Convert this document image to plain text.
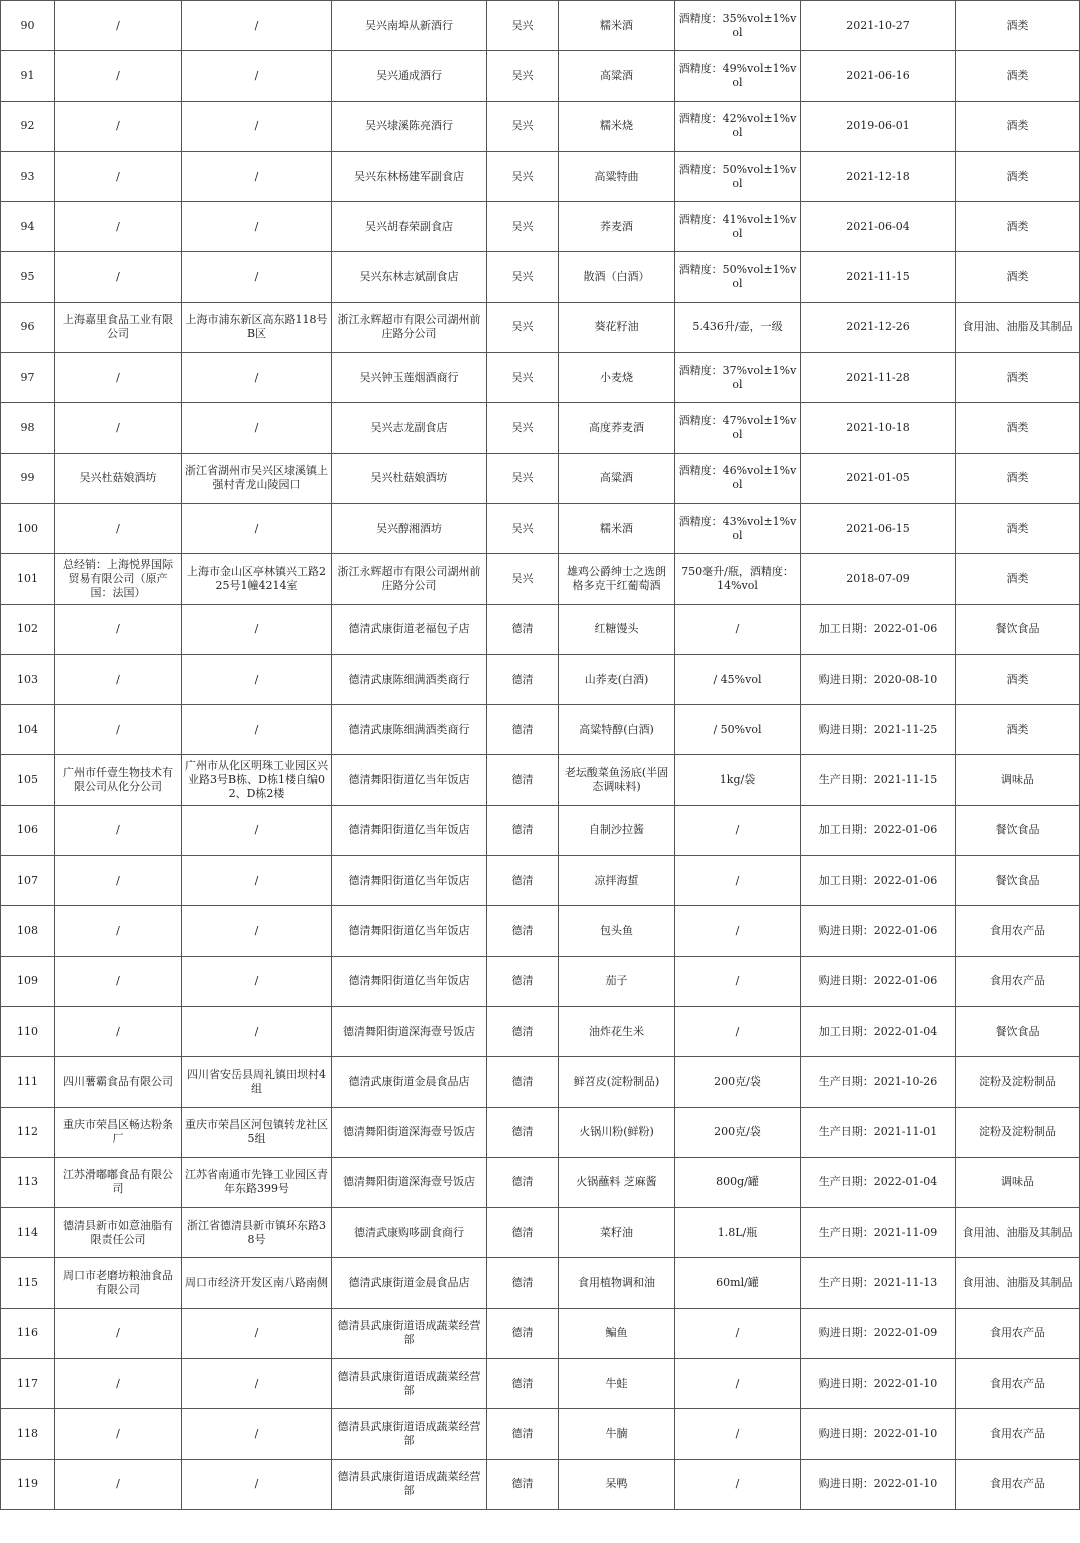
90	/	/	吴兴南埠从新酒行	吴兴	糯米酒	酒精度：35%vol±1%vol	2021-10-27	酒类
91	/	/	吴兴通成酒行	吴兴	高粱酒	酒精度：49%vol±1%vol	2021-06-16	酒类
92	/	/	吴兴埭溪陈亮酒行	吴兴	糯米烧	酒精度：42%vol±1%vol	2019-06-01	酒类
93	/	/	吴兴东林杨建军副食店	吴兴	高粱特曲	酒精度：50%vol±1%vol	2021-12-18	酒类
94	/	/	吴兴胡春荣副食店	吴兴	荞麦酒	酒精度：41%vol±1%vol	2021-06-04	酒类
95	/	/	吴兴东林志斌副食店	吴兴	散酒（白酒）	酒精度：50%vol±1%vol	2021-11-15	酒类
96	上海嘉里食品工业有限公司	上海市浦东新区高东路118号B区	浙江永辉超市有限公司湖州前庄路分公司	吴兴	葵花籽油	5.436升/壶，一级	2021-12-26	食用油、油脂及其制品
97	/	/	吴兴钟玉莲烟酒商行	吴兴	小麦烧	酒精度：37%vol±1%vol	2021-11-28	酒类
98	/	/	吴兴志龙副食店	吴兴	高度荞麦酒	酒精度：47%vol±1%vol	2021-10-18	酒类
99	吴兴杜菇娘酒坊	浙江省湖州市吴兴区埭溪镇上强村青龙山陵园口	吴兴杜菇娘酒坊	吴兴	高粱酒	酒精度：46%vol±1%vol	2021-01-05	酒类
100	/	/	吴兴醇湘酒坊	吴兴	糯米酒	酒精度：43%vol±1%vol	2021-06-15	酒类
101	总经销：上海悦界国际贸易有限公司（原产国：法国）	上海市金山区亭林镇兴工路225号1幢4214室	浙江永辉超市有限公司湖州前庄路分公司	吴兴	雄鸡公爵绅士之选朗格多克干红葡萄酒	750毫升/瓶，酒精度：14%vol	2018-07-09	酒类
102	/	/	德清武康街道老福包子店	德清	红糖馒头	/	加工日期：2022-01-06	餐饮食品
103	/	/	德清武康陈细满酒类商行	德清	山荞麦(白酒)	/ 45%vol	购进日期：2020-08-10	酒类
104	/	/	德清武康陈细满酒类商行	德清	高粱特醇(白酒)	/ 50%vol	购进日期：2021-11-25	酒类
105	广州市仟壹生物技术有限公司从化分公司	广州市从化区明珠工业园区兴业路3号B栋、D栋1楼自编02、D栋2楼	德清舞阳街道亿当年饭店	德清	老坛酸菜鱼汤底(半固态调味料)	1kg/袋	生产日期：2021-11-15	调味品
106	/	/	德清舞阳街道亿当年饭店	德清	自制沙拉酱	/	加工日期：2022-01-06	餐饮食品
107	/	/	德清舞阳街道亿当年饭店	德清	凉拌海蜇	/	加工日期：2022-01-06	餐饮食品
108	/	/	德清舞阳街道亿当年饭店	德清	包头鱼	/	购进日期：2022-01-06	食用农产品
109	/	/	德清舞阳街道亿当年饭店	德清	茄子	/	购进日期：2022-01-06	食用农产品
110	/	/	德清舞阳街道深海壹号饭店	德清	油炸花生米	/	加工日期：2022-01-04	餐饮食品
111	四川薯霸食品有限公司	四川省安岳县周礼镇田坝村4组	德清武康街道金晨食品店	德清	鲜苕皮(淀粉制品)	200克/袋	生产日期：2021-10-26	淀粉及淀粉制品
112	重庆市荣昌区畅达粉条厂	重庆市荣昌区河包镇转龙社区5组	德清舞阳街道深海壹号饭店	德清	火锅川粉(鲜粉)	200克/袋	生产日期：2021-11-01	淀粉及淀粉制品
113	江苏滑嘟嘟食品有限公司	江苏省南通市先锋工业园区青年东路399号	德清舞阳街道深海壹号饭店	德清	火锅蘸料 芝麻酱	800g/罐	生产日期：2022-01-04	调味品
114	德清县新市如意油脂有限责任公司	浙江省德清县新市镇环东路38号	德清武康购哆副食商行	德清	菜籽油	1.8L/瓶	生产日期：2021-11-09	食用油、油脂及其制品
115	周口市老磨坊粮油食品有限公司	周口市经济开发区南八路南侧	德清武康街道金晨食品店	德清	食用植物调和油	60ml/罐	生产日期：2021-11-13	食用油、油脂及其制品
116	/	/	德清县武康街道语成蔬菜经营部	德清	鳊鱼	/	购进日期：2022-01-09	食用农产品
117	/	/	德清县武康街道语成蔬菜经营部	德清	牛蛙	/	购进日期：2022-01-10	食用农产品
118	/	/	德清县武康街道语成蔬菜经营部	德清	牛腩	/	购进日期：2022-01-10	食用农产品
119	/	/	德清县武康街道语成蔬菜经营部	德清	呆鸭	/	购进日期：2022-01-10	食用农产品
